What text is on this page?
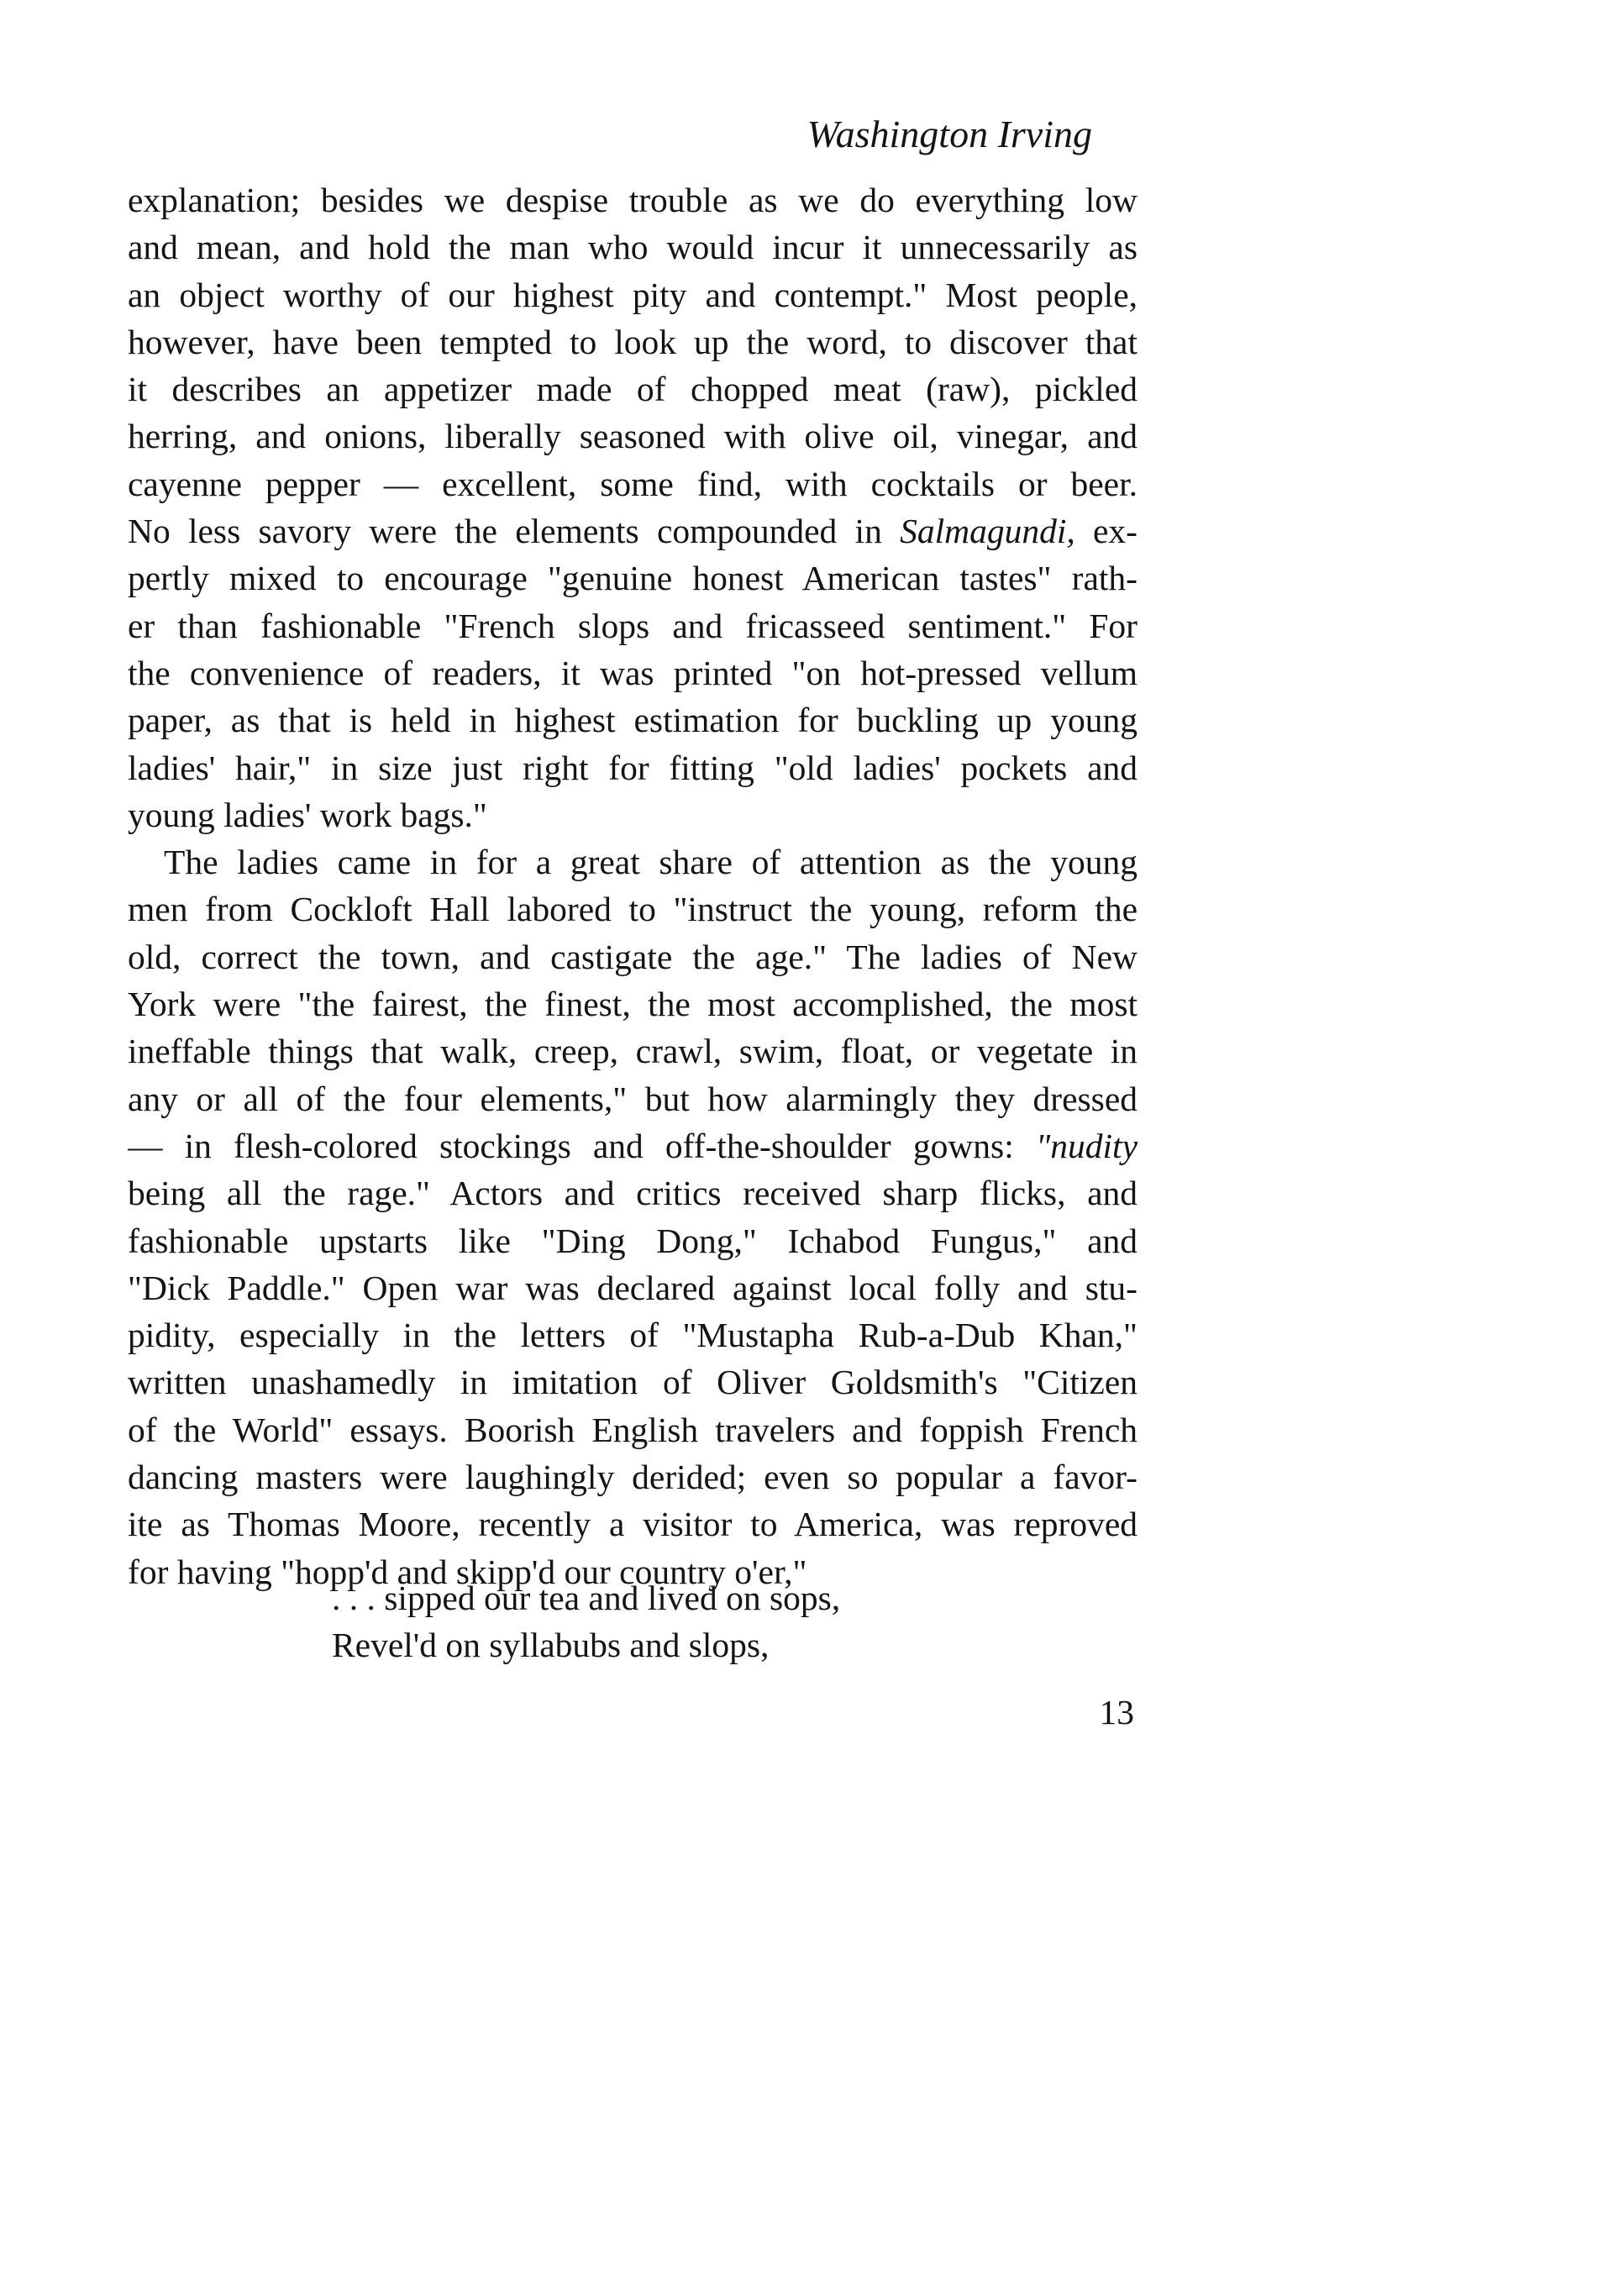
Washington Irving
explanation; besides we despise trouble as we do everything low
and mean, and hold the man who would incur it unnecessarily as
an object worthy of our highest pity and contempt." Most people,
however, have been tempted to look up the word, to discover that
it describes an appetizer made of chopped meat (raw), pickled
herring, and onions, liberally seasoned with olive oil, vinegar, and
cayenne pepper — excellent, some find, with cocktails or beer.
No less savory were the elements compounded in Salmagundi, ex-
pertly mixed to encourage "genuine honest American tastes" rath-
er than fashionable "French slops and fricasseed sentiment." For
the convenience of readers, it was printed "on hot-pressed vellum
paper, as that is held in highest estimation for buckling up young
ladies' hair," in size just right for fitting "old ladies' pockets and
young ladies' work bags."
The ladies came in for a great share of attention as the young
men from Cockloft Hall labored to "instruct the young, reform the
old, correct the town, and castigate the age." The ladies of New
York were "the fairest, the finest, the most accomplished, the most
ineffable things that walk, creep, crawl, swim, float, or vegetate in
any or all of the four elements," but how alarmingly they dressed
— in flesh-colored stockings and off-the-shoulder gowns: "nudity
being all the rage." Actors and critics received sharp flicks, and
fashionable upstarts like "Ding Dong," Ichabod Fungus," and
"Dick Paddle." Open war was declared against local folly and stu-
pidity, especially in the letters of "Mustapha Rub-a-Dub Khan,"
written unashamedly in imitation of Oliver Goldsmith's "Citizen
of the World" essays. Boorish English travelers and foppish French
dancing masters were laughingly derided; even so popular a favor-
ite as Thomas Moore, recently a visitor to America, was reproved
for having "hopp'd and skipp'd our country o'er,"
. . . sipped our tea and lived on sops,
Revel'd on syllabubs and slops,
13
